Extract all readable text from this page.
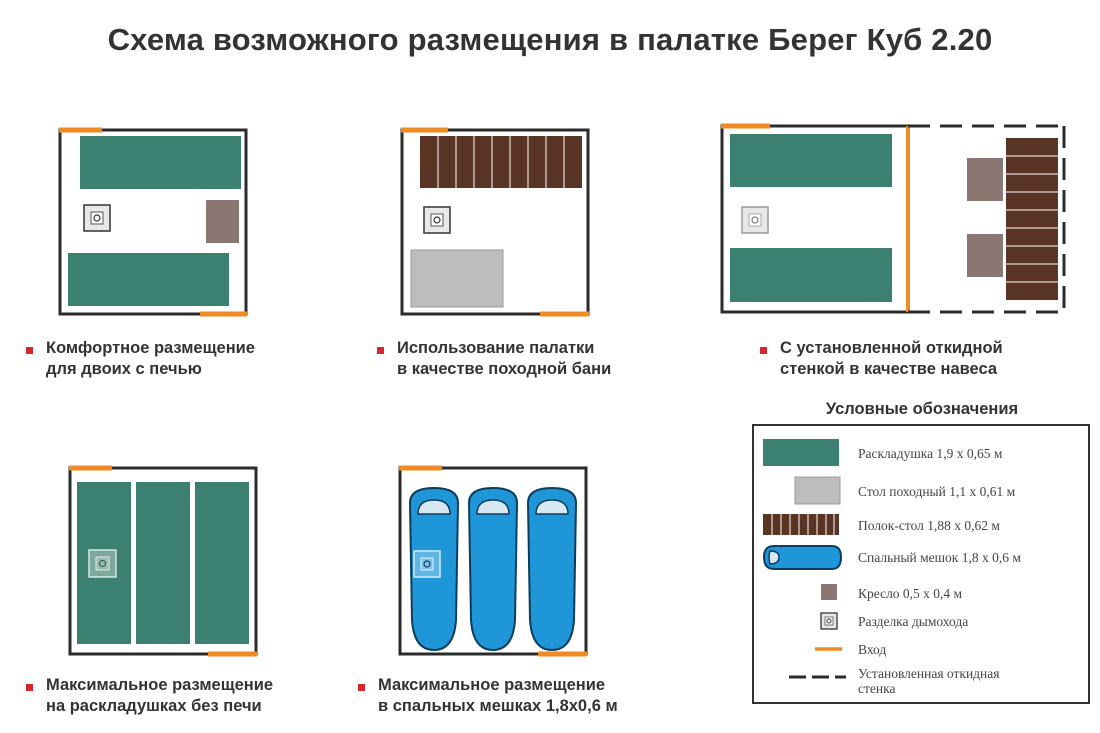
Схема возможного размещения в палатке Берег Куб 2.20
Комфортное размещение
для двоих с печью
Использование палатки
в качестве походной бани
С установленной откидной
стенкой в качестве навеса
Максимальное размещение
на раскладушках без печи
Максимальное размещение
в спальных мешках 1,8х0,6 м
Условные обозначения
Раскладушка 1,9 х 0,65 м
Стол походный 1,1 х 0,61 м
Полок-стол 1,88 х 0,62 м
Спальный мешок 1,8 х 0,6 м
Кресло 0,5 х 0,4 м
Разделка дымохода
Вход
Установленная откидная
стенка
